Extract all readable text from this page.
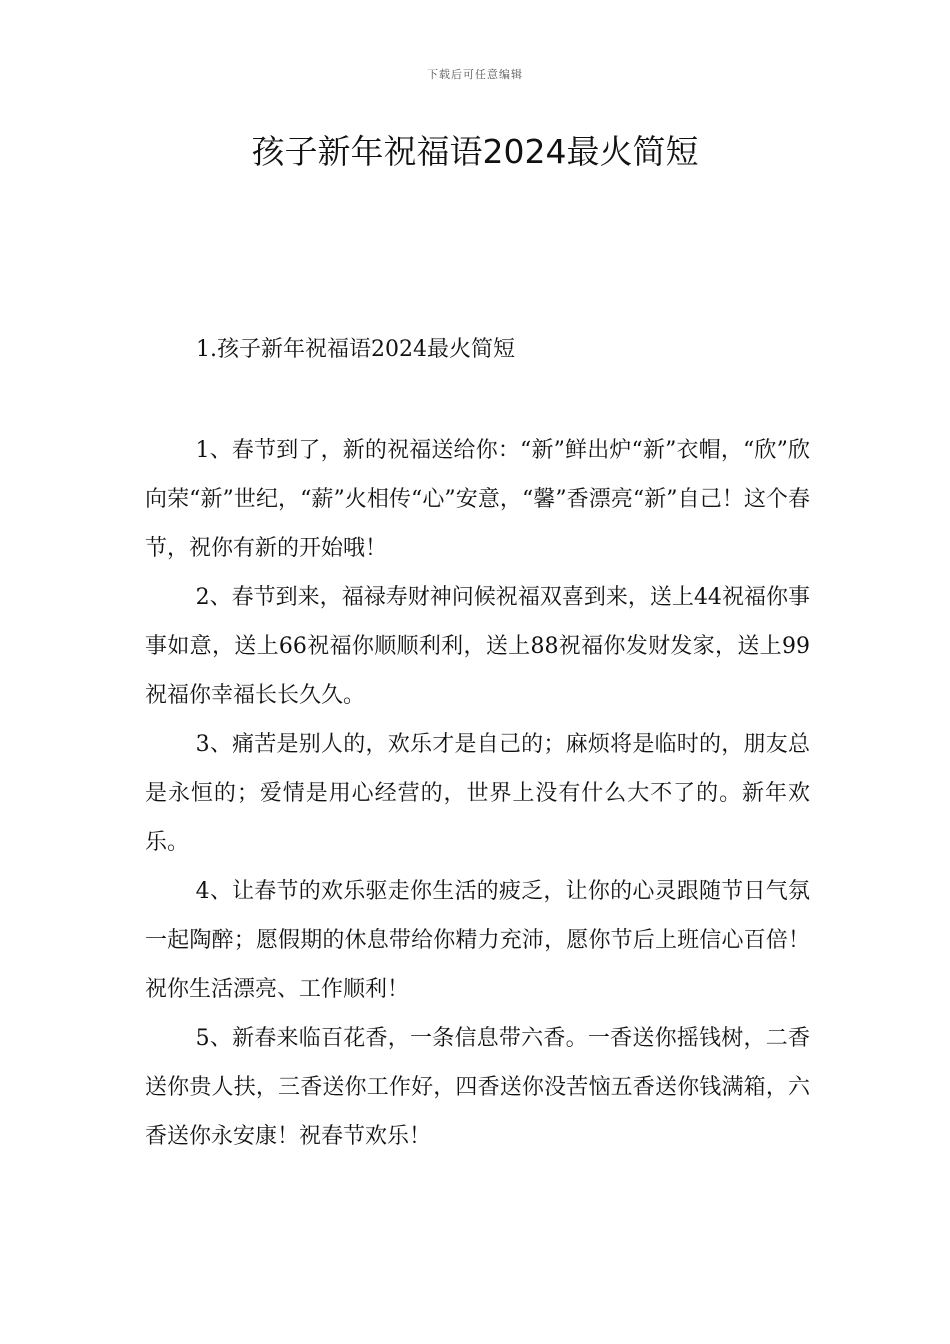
下载后可任意编辑
孩子新年祝福语2024最火简短
1.孩子新年祝福语2024最火简短

1、春节到了，新的祝福送给你：“新”鲜出炉“新”衣帽，“欣”欣向荣“新”世纪，“薪”火相传“心”安意，“馨”香漂亮“新”自己！这个春节，祝你有新的开始哦！

2、春节到来，福禄寿财神问候祝福双喜到来，送上44祝福你事事如意，送上66祝福你顺顺利利，送上88祝福你发财发家，送上99祝福你幸福长长久久。

3、痛苦是别人的，欢乐才是自己的；麻烦将是临时的，朋友总是永恒的；爱情是用心经营的，世界上没有什么大不了的。新年欢乐。

4、让春节的欢乐驱走你生活的疲乏，让你的心灵跟随节日气氛一起陶醉；愿假期的休息带给你精力充沛，愿你节后上班信心百倍！祝你生活漂亮、工作顺利！

5、新春来临百花香，一条信息带六香。一香送你摇钱树，二香送你贵人扶，三香送你工作好，四香送你没苦恼五香送你钱满箱，六香送你永安康！祝春节欢乐！
